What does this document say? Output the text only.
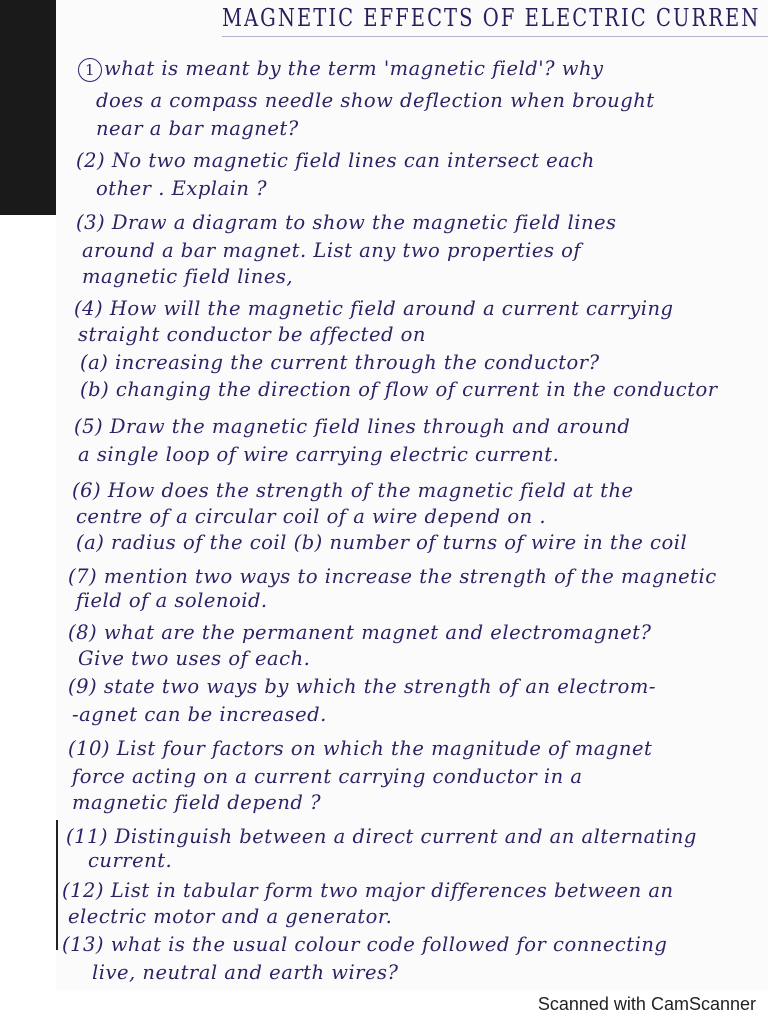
MAGNETIC EFFECTS OF ELECTRIC CURREN
1 what is meant by the term 'magnetic field'? why
does a compass needle show deflection when brought
near a bar magnet?
(2) No two magnetic field lines can intersect each
other . Explain ?
(3) Draw a diagram to show the magnetic field lines
around a bar magnet. List any two properties of
magnetic field lines,
(4) How will the magnetic field around a current carrying
straight conductor be affected on
(a) increasing the current through the conductor?
(b) changing the direction of flow of current in the conductor
(5) Draw the magnetic field lines through and around
a single loop of wire carrying electric current.
(6) How does the strength of the magnetic field at the
centre of a circular coil of a wire depend on .
(a) radius of the coil (b) number of turns of wire in the coil
(7) mention two ways to increase the strength of the magnetic
field of a solenoid.
(8) what are the permanent magnet and electromagnet?
Give two uses of each.
(9) state two ways by which the strength of an electrom-
-agnet can be increased.
(10) List four factors on which the magnitude of magnet
force acting on a current carrying conductor in a
magnetic field depend ?
(11) Distinguish between a direct current and an alternating
current.
(12) List in tabular form two major differences between an
electric motor and a generator.
(13) what is the usual colour code followed for connecting
live, neutral and earth wires?
Scanned with CamScanner
